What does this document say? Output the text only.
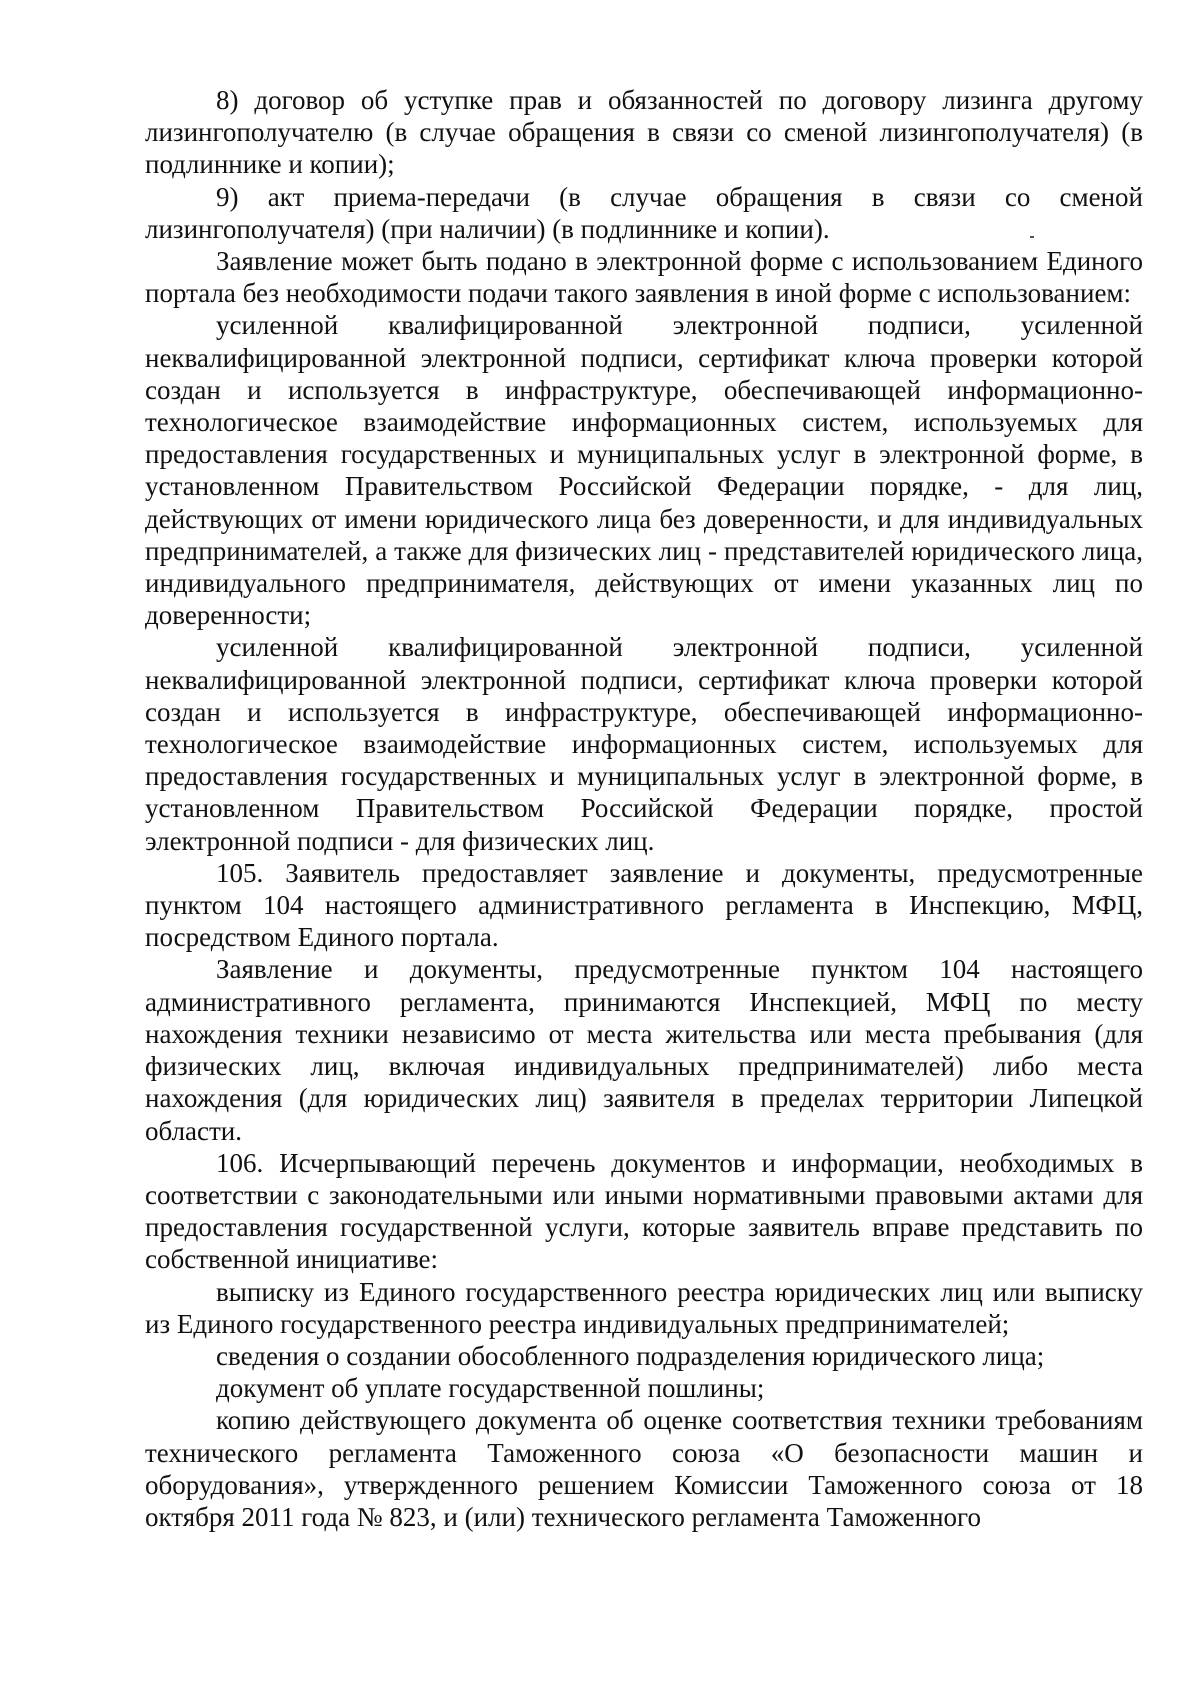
8) договор об уступке прав и обязанностей по договору лизинга другому лизингополучателю (в случае обращения в связи со сменой лизингополучателя) (в подлиннике и копии);

9) акт приема-передачи (в случае обращения в связи со сменой лизингополучателя) (при наличии) (в подлиннике и копии).

Заявление может быть подано в электронной форме с использованием Единого портала без необходимости подачи такого заявления в иной форме с использованием:

усиленной квалифицированной электронной подписи, усиленной неквалифицированной электронной подписи, сертификат ключа проверки которой создан и используется в инфраструктуре, обеспечивающей информационно-технологическое взаимодействие информационных систем, используемых для предоставления государственных и муниципальных услуг в электронной форме, в установленном Правительством Российской Федерации порядке, - для лиц, действующих от имени юридического лица без доверенности, и для индивидуальных предпринимателей, а также для физических лиц - представителей юридического лица, индивидуального предпринимателя, действующих от имени указанных лиц по доверенности;

усиленной квалифицированной электронной подписи, усиленной неквалифицированной электронной подписи, сертификат ключа проверки которой создан и используется в инфраструктуре, обеспечивающей информационно-технологическое взаимодействие информационных систем, используемых для предоставления государственных и муниципальных услуг в электронной форме, в установленном Правительством Российской Федерации порядке, простой электронной подписи - для физических лиц.

105. Заявитель предоставляет заявление и документы, предусмотренные пунктом 104 настоящего административного регламента в Инспекцию, МФЦ, посредством Единого портала.

Заявление и документы, предусмотренные пунктом 104 настоящего административного регламента, принимаются Инспекцией, МФЦ по месту нахождения техники независимо от места жительства или места пребывания (для физических лиц, включая индивидуальных предпринимателей) либо места нахождения (для юридических лиц) заявителя в пределах территории Липецкой области.

106. Исчерпывающий перечень документов и информации, необходимых в соответствии с законодательными или иными нормативными правовыми актами для предоставления государственной услуги, которые заявитель вправе представить по собственной инициативе:

выписку из Единого государственного реестра юридических лиц или выписку из Единого государственного реестра индивидуальных предпринимателей;

сведения о создании обособленного подразделения юридического лица;

документ об уплате государственной пошлины;

копию действующего документа об оценке соответствия техники требованиям технического регламента Таможенного союза «О безопасности машин и оборудования», утвержденного решением Комиссии Таможенного союза от 18 октября 2011 года № 823, и (или) технического регламента Таможенного
